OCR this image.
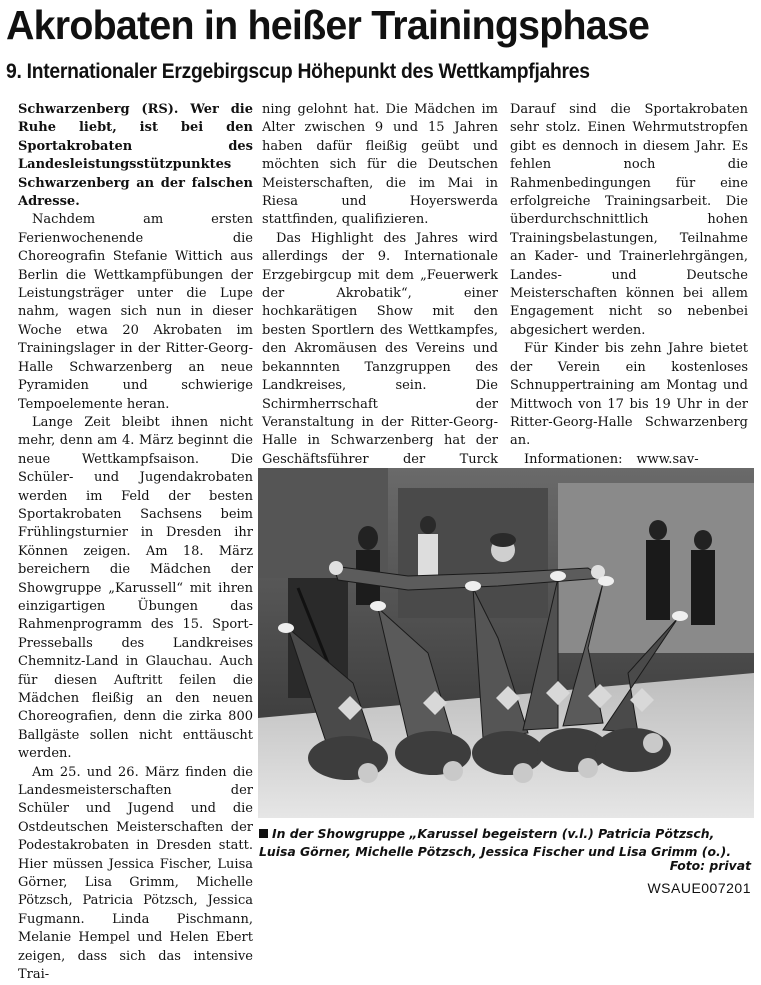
Akrobaten in heißer Trainingsphase
9. Internationaler Erzgebirgscup Höhepunkt des Wettkampfjahres

Schwarzenberg (RS). Wer die Ruhe liebt, ist bei den Sportakrobaten des Landesleistungsstützpunktes Schwarzenberg an der falschen Adresse.

Nachdem am ersten Ferienwochenende die Choreografin Stefanie Wittich aus Berlin die Wettkampfübungen der Leistungsträger unter die Lupe nahm, wagen sich nun in dieser Woche etwa 20 Akrobaten im Trainingslager in der Ritter-Georg-Halle Schwarzenberg an neue Pyramiden und schwierige Tempoelemente heran.

Lange Zeit bleibt ihnen nicht mehr, denn am 4. März beginnt die neue Wettkampfsaison. Die Schüler- und Jugendakrobaten werden im Feld der besten Sportakrobaten Sachsens beim Frühlingsturnier in Dresden ihr Können zeigen. Am 18. März bereichern die Mädchen der Showgruppe „Karussell“ mit ihren einzigartigen Übungen das Rahmenprogramm des 15. Sport-Presseballs des Landkreises Chemnitz-Land in Glauchau. Auch für diesen Auftritt feilen die Mädchen fleißig an den neuen Choreografien, denn die zirka 800 Ballgäste sollen nicht enttäuscht werden.

Am 25. und 26. März finden die Landesmeisterschaften der Schüler und Jugend und die Ostdeutschen Meisterschaften der Podestakrobaten in Dresden statt. Hier müssen Jessica Fischer, Luisa Görner, Lisa Grimm, Michelle Pötzsch, Patricia Pötzsch, Jessica Fugmann. Linda Pischmann, Melanie Hempel und Helen Ebert zeigen, dass sich das intensive Trai-

ning gelohnt hat. Die Mädchen im Alter zwischen 9 und 15 Jahren haben dafür fleißig geübt und möchten sich für die Deutschen Meisterschaften, die im Mai in Riesa und Hoyerswerda stattfinden, qualifizieren.

Das Highlight des Jahres wird allerdings der 9. Internationale Erzgebirgcup mit dem „Feuerwerk der Akrobatik“, einer hochkarätigen Show mit den besten Sportlern des Wettkampfes, den Akromäusen des Vereins und bekannnten Tanzgruppen des Landkreises, sein. Die Schirmherrschaft der Veranstaltung in der Ritter-Georg-Halle in Schwarzenberg hat der Geschäftsführer der Turck

Darauf sind die Sportakrobaten sehr stolz. Einen Wehrmutstropfen gibt es dennoch in diesem Jahr. Es fehlen noch die Rahmenbedingungen für eine erfolgreiche Trainingsarbeit. Die überdurchschnittlich hohen Trainingsbelastungen, Teilnahme an Kader- und Trainerlehrgängen, Landes- und Deutsche Meisterschaften können bei allem Engagement nicht so nebenbei abgesichert werden.

Für Kinder bis zehn Jahre bietet der Verein ein kostenloses Schnuppertraining am Montag und Mittwoch von 17 bis 19 Uhr in der Ritter-Georg-Halle Schwarzenberg an.

Informationen:	www.sav-

In der Showgruppe „Karussel begeistern (v.l.) Patricia Pötzsch, Luisa Görner, Michelle Pötzsch, Jessica Fischer und Lisa Grimm (o.).
Foto: privat
WSAUE007201
